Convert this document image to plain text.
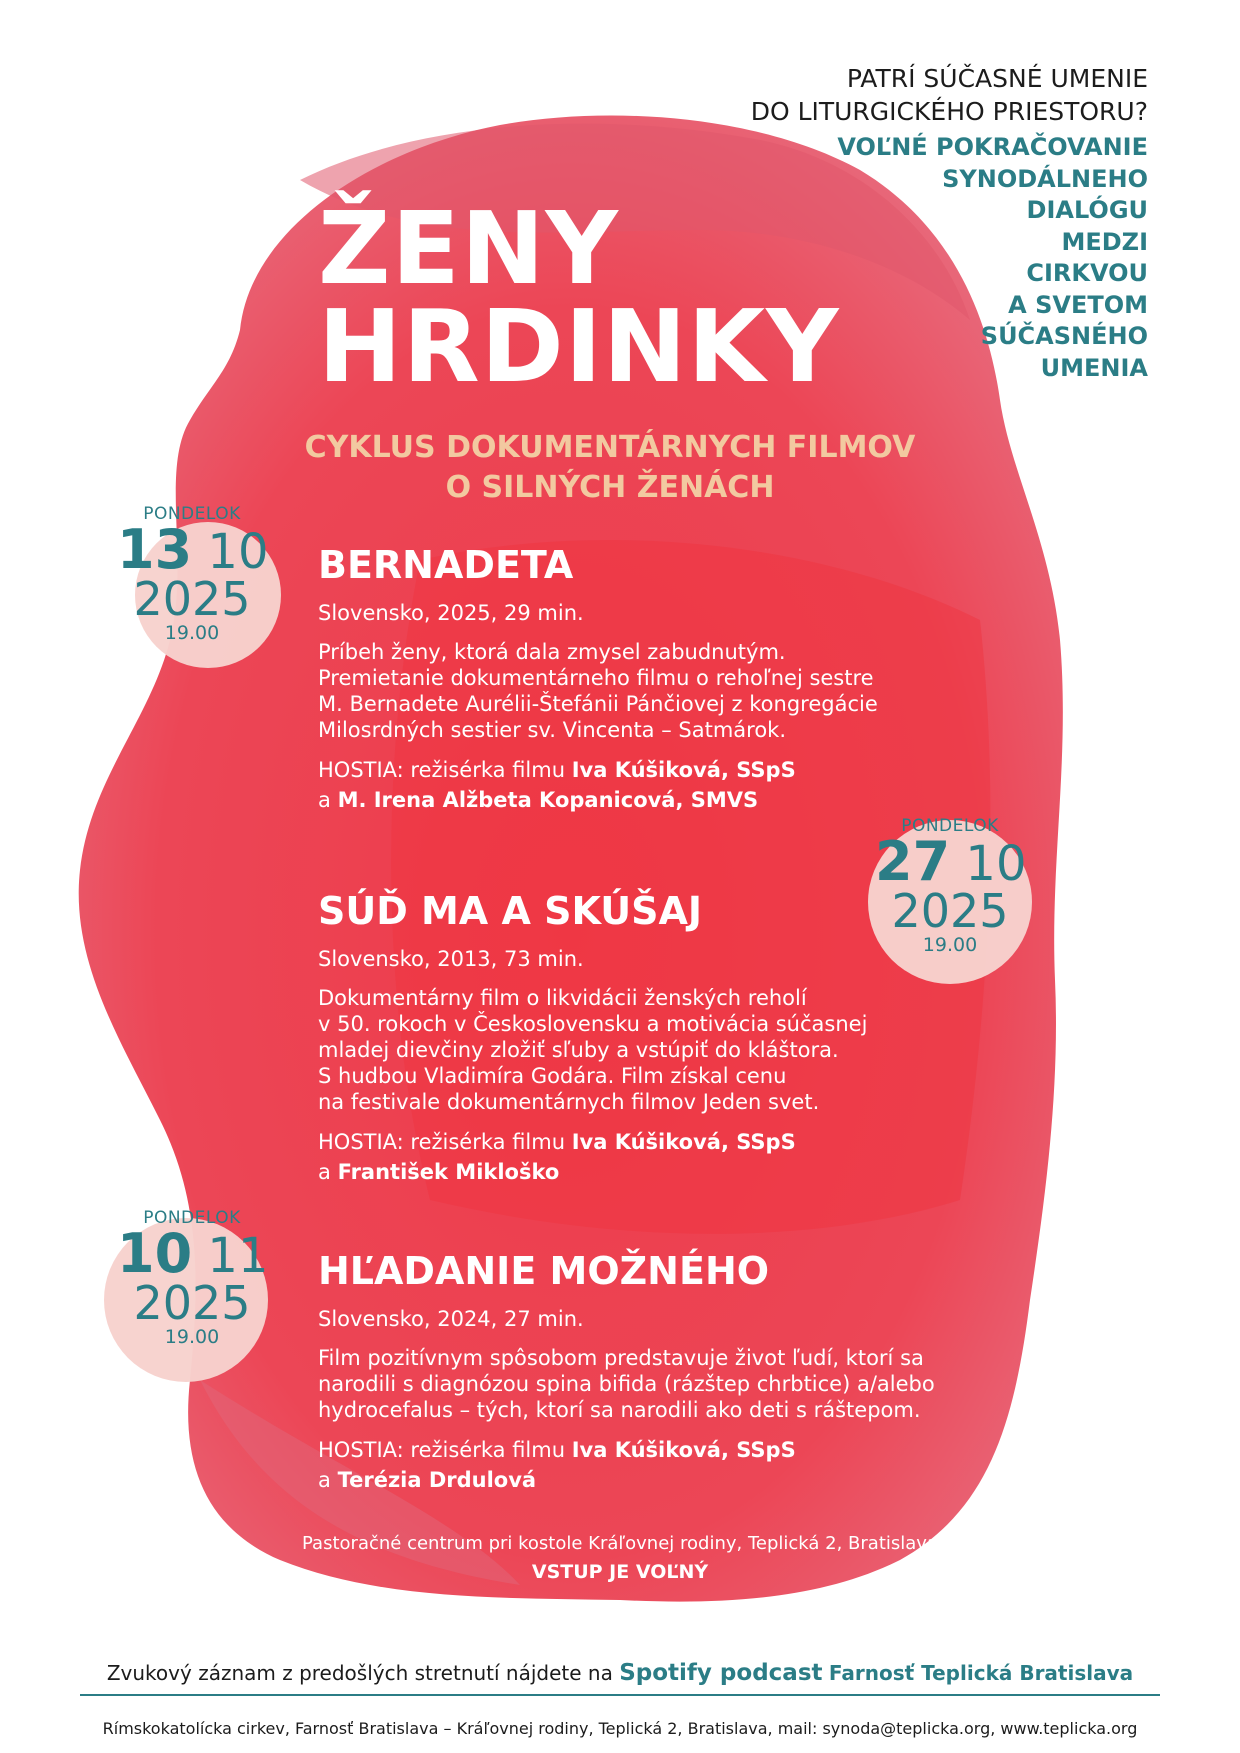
PATRÍ SÚČASNÉ UMENIE
DO LITURGICKÉHO PRIESTORU?
VOĽNÉ POKRAČOVANIE
SYNODÁLNEHO
DIALÓGU
MEDZI
CIRKVOU
A SVETOM
SÚČASNÉHO
UMENIA
ŽENY
HRDINKY
CYKLUS DOKUMENTÁRNYCH FILMOV
O SILNÝCH ŽENÁCH
PONDELOK
13 10
2025
19.00
BERNADETA
Slovensko, 2025, 29 min.
Príbeh ženy, ktorá dala zmysel zabudnutým.
Premietanie dokumentárneho filmu o rehoľnej sestre
M. Bernadete Aurélii-Štefánii Pánčiovej z kongregácie
Milosrdných sestier sv. Vincenta – Satmárok.
HOSTIA: režisérka filmu Iva Kúšiková, SSpS
a M. Irena Alžbeta Kopanicová, SMVS
PONDELOK
27 10
2025
19.00
SÚĎ MA A SKÚŠAJ
Slovensko, 2013, 73 min.
Dokumentárny film o likvidácii ženských reholí
v 50. rokoch v Československu a motivácia súčasnej
mladej dievčiny zložiť sľuby a vstúpiť do kláštora.
S hudbou Vladimíra Godára. Film získal cenu
na festivale dokumentárnych filmov Jeden svet.
HOSTIA: režisérka filmu Iva Kúšiková, SSpS
a František Mikloško
PONDELOK
10 11
2025
19.00
HĽADANIE MOŽNÉHO
Slovensko, 2024, 27 min.
Film pozitívnym spôsobom predstavuje život ľudí, ktorí sa
narodili s diagnózou spina bifida (rázštep chrbtice) a/alebo
hydrocefalus – tých, ktorí sa narodili ako deti s ráštepom.
HOSTIA: režisérka filmu Iva Kúšiková, SSpS
a Terézia Drdulová
Pastoračné centrum pri kostole Kráľovnej rodiny, Teplická 2, Bratislava
VSTUP JE VOĽNÝ
Zvukový záznam z predošlých stretnutí nájdete na Spotify podcast Farnosť Teplická Bratislava
Rímskokatolícka cirkev, Farnosť Bratislava – Kráľovnej rodiny, Teplická 2, Bratislava, mail: synoda@teplicka.org, www.teplicka.org
